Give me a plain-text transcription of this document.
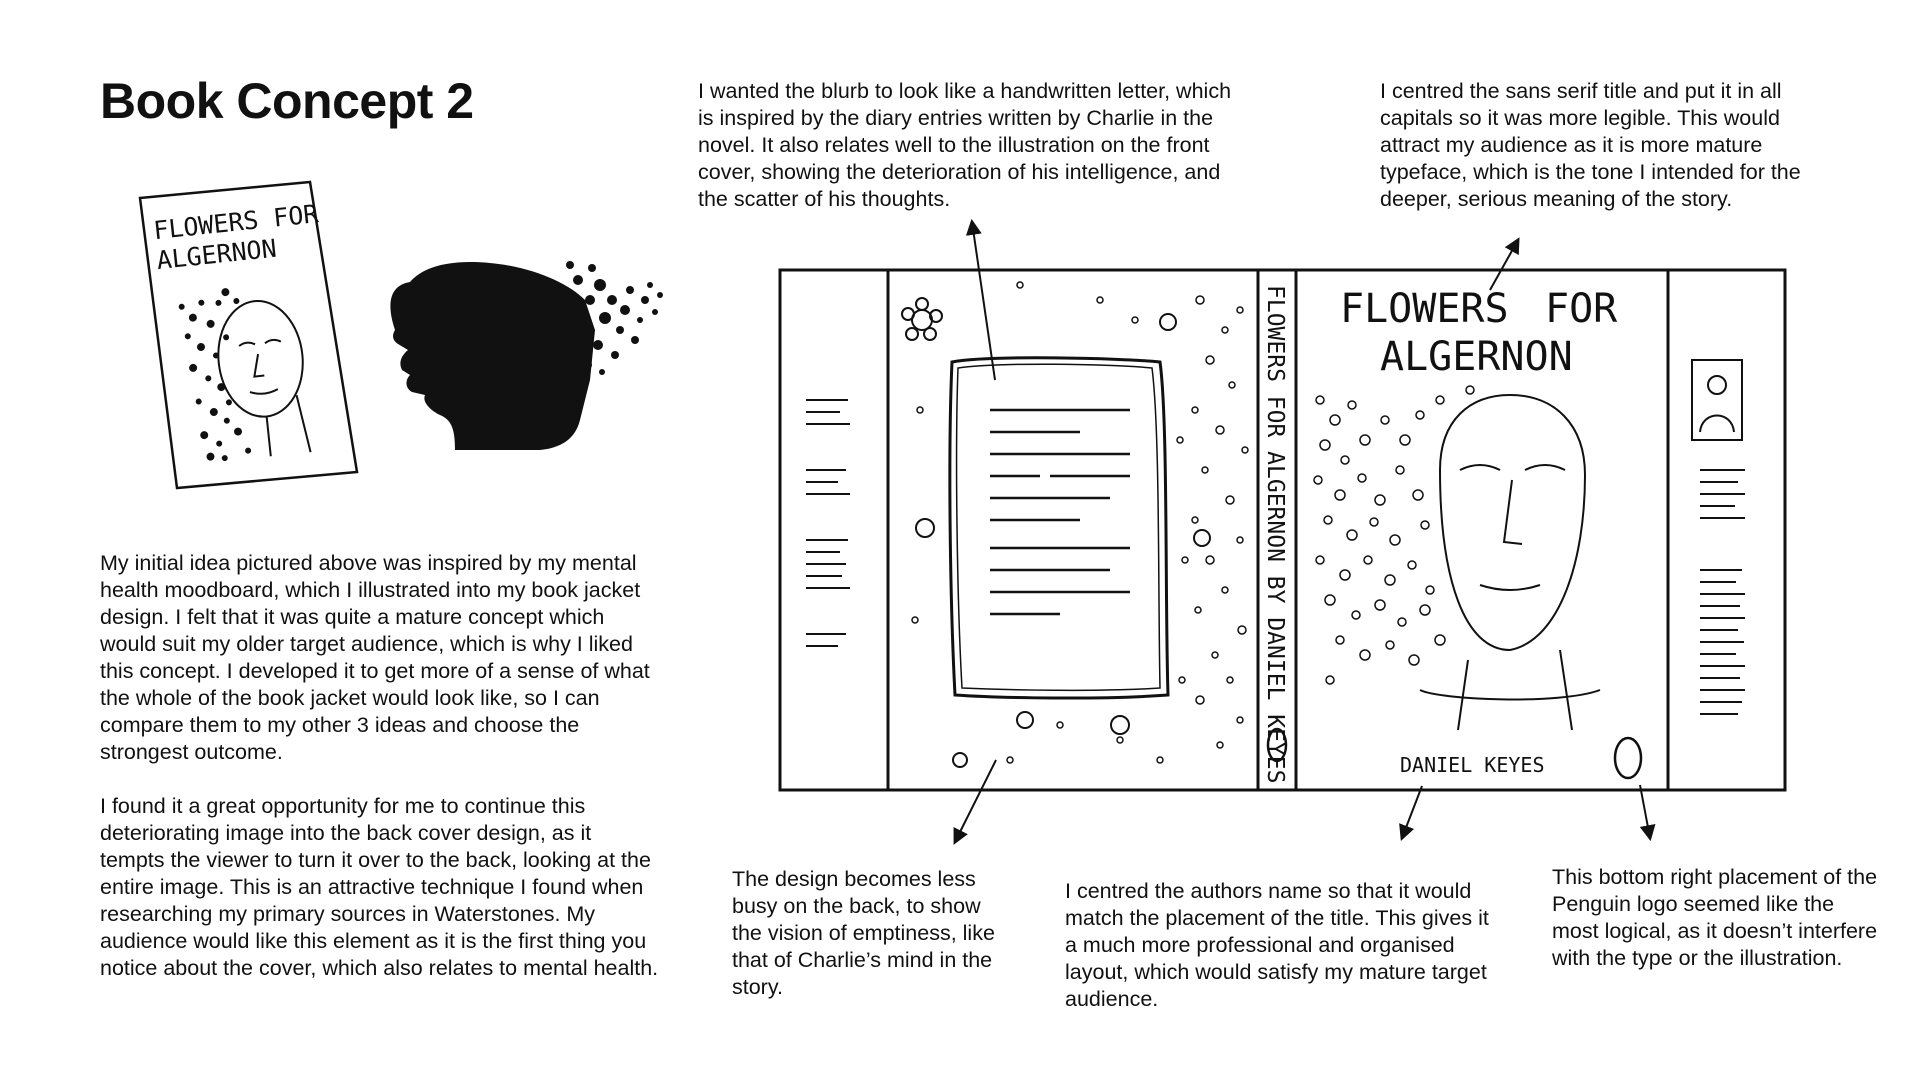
Book Concept 2
FLOWERS FOR
ALGERNON
FLOWERS FOR ALGERNON BY DANIEL KEYES FLOWERS FOR
ALGERNON
DANIEL KEYES

My initial idea pictured above was inspired by my mental health moodboard, which I illustrated into my book jacket design. I felt that it was quite a mature concept which would suit my older target audience, which is why I liked this concept. I developed it to get more of a sense of what the whole of the book jacket would look like, so I can compare them to my other 3 ideas and choose the strongest outcome.

I found it a great opportunity for me to continue this deteriorating image into the back cover design, as it tempts the viewer to turn it over to the back, looking at the entire image. This is an attractive technique I found when researching my primary sources in Waterstones. My audience would like this element as it is the first thing you notice about the cover, which also relates to mental health.

I wanted the blurb to look like a handwritten letter, which is inspired by the diary entries written by Charlie in the novel. It also relates well to the illustration on the front cover, showing the deterioration of his intelligence, and the scatter of his thoughts.
I centred the sans serif title and put it in all capitals so it was more legible. This would attract my audience as it is more mature typeface, which is the tone I intended for the deeper, serious meaning of the story.
The design becomes less busy on the back, to show the vision of emptiness, like that of Charlie’s mind in the story.
I centred the authors name so that it would match the placement of the title. This gives it a much more professional and organised layout, which would satisfy my mature target audience.
This bottom right placement of the Penguin logo seemed like the most logical, as it doesn’t interfere with the type or the illustration.
